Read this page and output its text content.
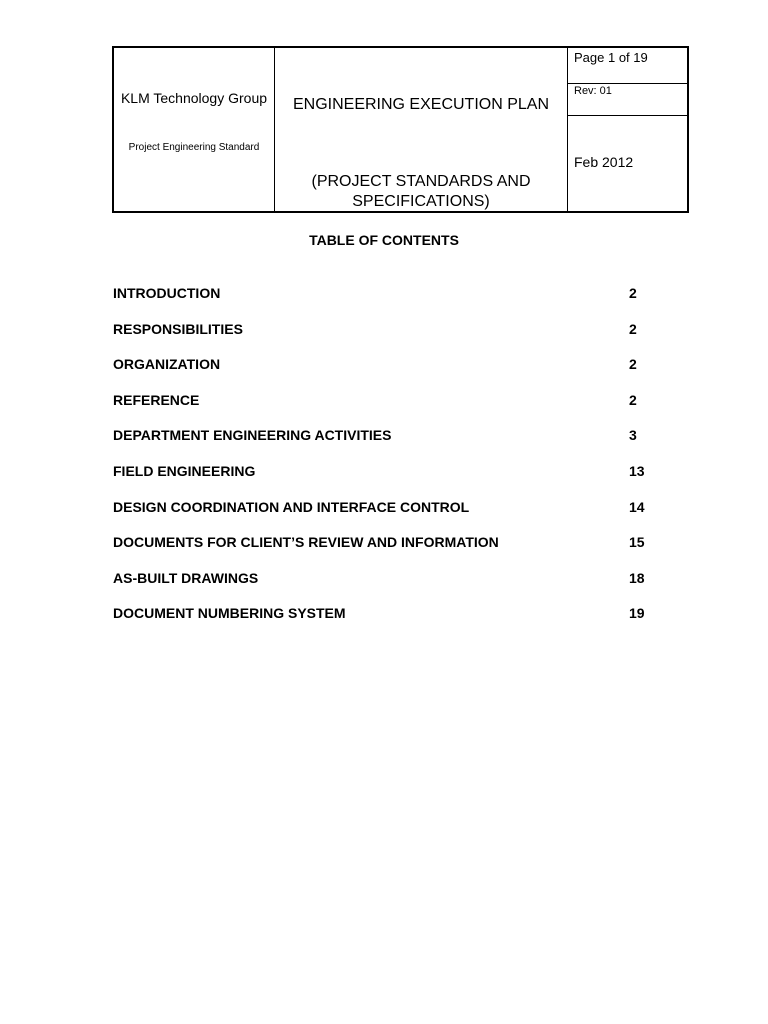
KLM Technology Group
Project Engineering Standard
ENGINEERING EXECUTION PLAN
(PROJECT STANDARDS AND SPECIFICATIONS)
Page 1 of 19
Rev: 01
Feb 2012
TABLE OF CONTENTS
INTRODUCTION	2
RESPONSIBILITIES	2
ORGANIZATION	2
REFERENCE	2
DEPARTMENT ENGINEERING ACTIVITIES	3
FIELD ENGINEERING	13
DESIGN COORDINATION AND INTERFACE CONTROL	14
DOCUMENTS FOR CLIENT’S REVIEW AND INFORMATION	15
AS-BUILT DRAWINGS	18
DOCUMENT NUMBERING SYSTEM	19
